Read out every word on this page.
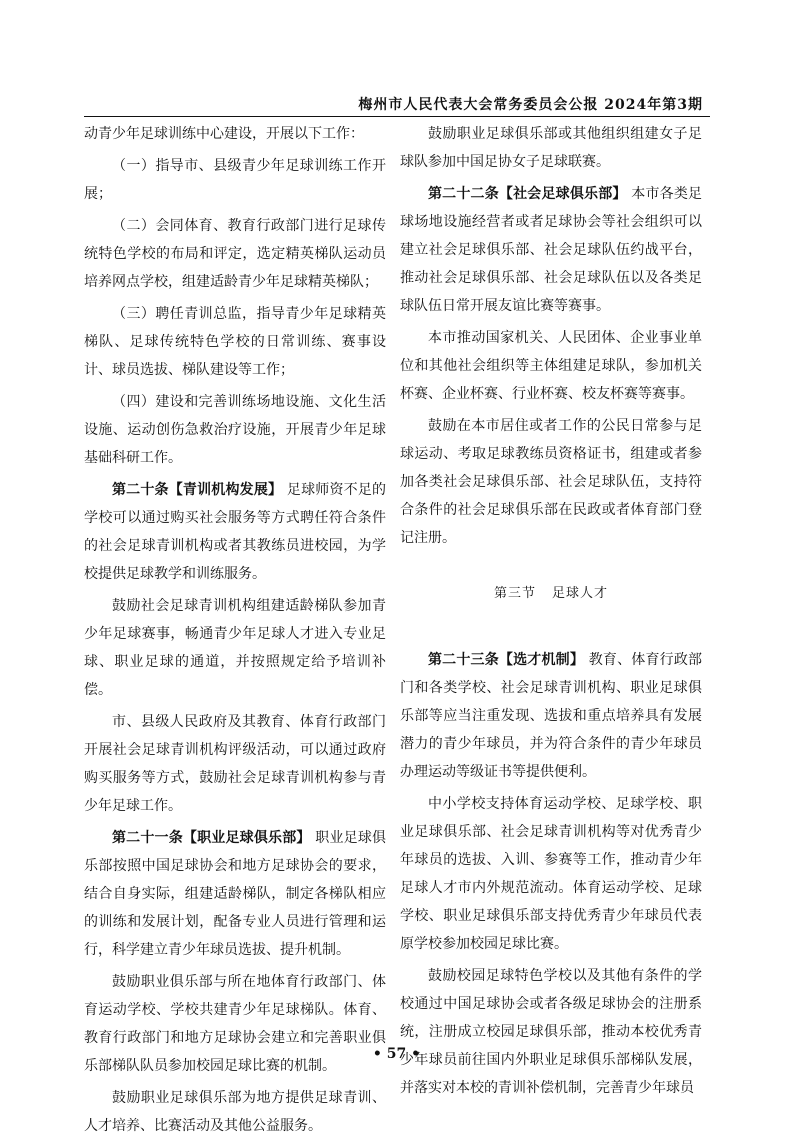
梅州市人民代表大会常务委员会公报 2024年第3期

动青少年足球训练中心建设，开展以下工作：

（一）指导市、县级青少年足球训练工作开展；

（二）会同体育、教育行政部门进行足球传统特色学校的布局和评定，选定精英梯队运动员培养网点学校，组建适龄青少年足球精英梯队；

（三）聘任青训总监，指导青少年足球精英梯队、足球传统特色学校的日常训练、赛事设计、球员选拔、梯队建设等工作；

（四）建设和完善训练场地设施、文化生活设施、运动创伤急救治疗设施，开展青少年足球基础科研工作。

第二十条【青训机构发展】 足球师资不足的学校可以通过购买社会服务等方式聘任符合条件的社会足球青训机构或者其教练员进校园，为学校提供足球教学和训练服务。

鼓励社会足球青训机构组建适龄梯队参加青少年足球赛事，畅通青少年足球人才进入专业足球、职业足球的通道，并按照规定给予培训补偿。

市、县级人民政府及其教育、体育行政部门开展社会足球青训机构评级活动，可以通过政府购买服务等方式，鼓励社会足球青训机构参与青少年足球工作。

第二十一条【职业足球俱乐部】 职业足球俱乐部按照中国足球协会和地方足球协会的要求，结合自身实际，组建适龄梯队，制定各梯队相应的训练和发展计划，配备专业人员进行管理和运行，科学建立青少年球员选拔、提升机制。

鼓励职业俱乐部与所在地体育行政部门、体育运动学校、学校共建青少年足球梯队。体育、教育行政部门和地方足球协会建立和完善职业俱乐部梯队队员参加校园足球比赛的机制。

鼓励职业足球俱乐部为地方提供足球青训、人才培养、比赛活动及其他公益服务。

鼓励职业足球俱乐部或其他组织组建女子足球队参加中国足协女子足球联赛。

第二十二条【社会足球俱乐部】 本市各类足球场地设施经营者或者足球协会等社会组织可以建立社会足球俱乐部、社会足球队伍约战平台，推动社会足球俱乐部、社会足球队伍以及各类足球队伍日常开展友谊比赛等赛事。

本市推动国家机关、人民团体、企业事业单位和其他社会组织等主体组建足球队，参加机关杯赛、企业杯赛、行业杯赛、校友杯赛等赛事。

鼓励在本市居住或者工作的公民日常参与足球运动、考取足球教练员资格证书，组建或者参加各类社会足球俱乐部、社会足球队伍，支持符合条件的社会足球俱乐部在民政或者体育部门登记注册。

第三节 足球人才

第二十三条【选才机制】 教育、体育行政部门和各类学校、社会足球青训机构、职业足球俱乐部等应当注重发现、选拔和重点培养具有发展潜力的青少年球员，并为符合条件的青少年球员办理运动等级证书等提供便利。

中小学校支持体育运动学校、足球学校、职业足球俱乐部、社会足球青训机构等对优秀青少年球员的选拔、入训、参赛等工作，推动青少年足球人才市内外规范流动。体育运动学校、足球学校、职业足球俱乐部支持优秀青少年球员代表原学校参加校园足球比赛。

鼓励校园足球特色学校以及其他有条件的学校通过中国足球协会或者各级足球协会的注册系统，注册成立校园足球俱乐部，推动本校优秀青少年球员前往国内外职业足球俱乐部梯队发展，并落实对本校的青训补偿机制，完善青少年球员

• 57 •
